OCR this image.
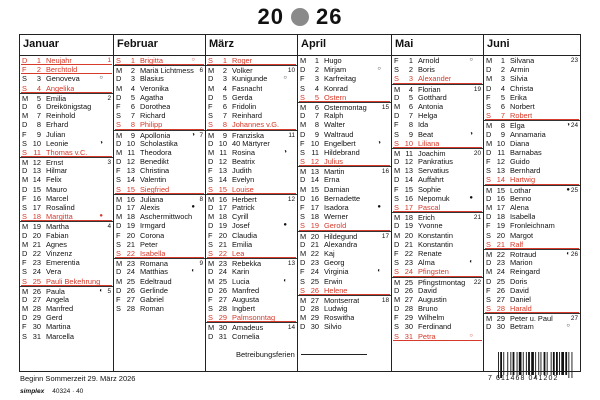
20 26
Januar
D	1 Neujahr	1
F	2 Berchtold
S	3 Genoveva	○
S	4 Angelika
M	5 Emilia	2
D	6 Dreikönigstag
M	7 Reinhold
D	8 Erhard
F	9 Julian
S 10 Leonie	◑
S 11 Thomas v.C.
M 12 Ernst	3
D 13 Hilmar
M 14 Felix
D 15 Mauro
F 16 Marcel
S 17 Rosalind
S 18 Margitta	●
M 19 Martha	4
D 20 Fabian
M 21 Agnes
D 22 Vinzenz
F 23 Emerentia
S 24 Vera
S 25 Pauli Bekehrung
M 26 Paula	◐ 5
D 27 Angela
M 28 Manfred
D 29 Gerd
F 30 Martina
S 31 Marcella
Februar
S	1 Brigitta	○
M	2 Mariä Lichtmess 6
D	3 Blasius
M	4 Veronika
D	5 Agatha
F	6 Dorothea
S	7 Richard
S	8 Philipp
M	9 Apollonia	◑ 7
D 10 Scholastika
M 11 Theodora
D 12 Benedikt
F 13 Christina
S 14 Valentin
S 15 Siegfried
M 16 Juliana	8
D 17 Alexis	●
M 18 Aschermittwoch
D 19 Irmgard
F 20 Corona
S 21 Peter
S 22 Isabella
M 23 Romana	9
D 24 Matthias	◐
M 25 Edeltraud
D 26 Gerlinde
F 27 Gabriel
S 28 Roman
März
S	1 Roger
M	2 Volker	10
D	3 Kunigunde	○
M	4 Fasnacht
D	5 Gerda
F	6 Fridolin
S	7 Reinhard
S	8 Johannes v.G.
M	9 Franziska	11
D 10 40 Märtyrer
M 11 Rosina	◑
D 12 Beatrix
F 13 Judith
S 14 Evelyn
S 15 Louise
M 16 Herbert	12
D 17 Patrick
M 18 Cyrill
D 19 Josef	●
F 20 Claudia
S 21 Emilia
S 22 Lea
M 23 Rebekka	13
D 24 Karin
M 25 Lucia	◐
D 26 Manfred
F 27 Augusta
S 28 Ingbert
S 29 Palmsonntag
M 30 Amadeus	14
D 31 Cornelia
April
M	1 Hugo
D	2 Mirjam	○
F	3 Karfreitag
S	4 Konrad
S	5 Ostern
M	6 Ostermontag 15
D	7 Ralph
M	8 Walter
D	9 Waltraud
F 10 Engelbert	◑
S 11 Hildebrand
S 12 Julius
M 13 Martin	16
D 14 Erna
M 15 Damian
D 16 Bernadette
F 17 Isadora	●
S 18 Werner
S 19 Gerold
M 20 Hildegund	17
D 21 Alexandra
M 22 Kaj
D 23 Georg
F 24 Virginia	◐
S 25 Erwin
S 26 Helene
M 27 Montserrat	18
D 28 Ludwig
M 29 Roswitha
D 30 Silvio
Mai
F	1 Arnold	○
S	2 Boris
S	3 Alexander
M	4 Florian	19
D	5 Gotthard
M	6 Antonia
D	7 Helga
F	8 Ida
S	9 Beat	◑
S 10 Liliana
M 11 Joachim	20
D 12 Pankratius
M 13 Servatius
D 14 Auffahrt
F 15 Sophie
S 16 Nepomuk	●
S 17 Pascal
M 18 Erich	21
D 19 Yvonne
M 20 Konstantin
D 21 Konstantin
F 22 Renate
S 23 Alma	◐
S 24 Pfingsten
M 25 Pfingstmontag 22
D 26 David
M 27 Augustin
D 28 Bruno
F 29 Wilhelm
S 30 Ferdinand
S 31 Petra	○
Juni
M	1 Silvana	23
D	2 Armin
M	3 Silvia
D	4 Christa
F	5 Erika
S	6 Norbert
S	7 Robert
M	8 Elga	◑ 24
D	9 Annamaria
M 10 Diana
D 11 Barnabas
F 12 Guido
S 13 Bernhard
S 14 Hartwig
M 15 Lothar	● 25
D 16 Benno
M 17 Alena
D 18 Isabella
F 19 Fronleichnam
S 20 Margot
S 21 Ralf
M 22 Rotraud	◐ 26
D 23 Marion
M 24 Reingard
D 25 Doris
F 26 David
S 27 Daniel
S 28 Harald
M 29 Peter u. Paul	27
D 30 Betram	○
Betreibungsferien
Beginn Sommerzeit 29. März 2026
simplex 40324 · 40
7 611468 041202
